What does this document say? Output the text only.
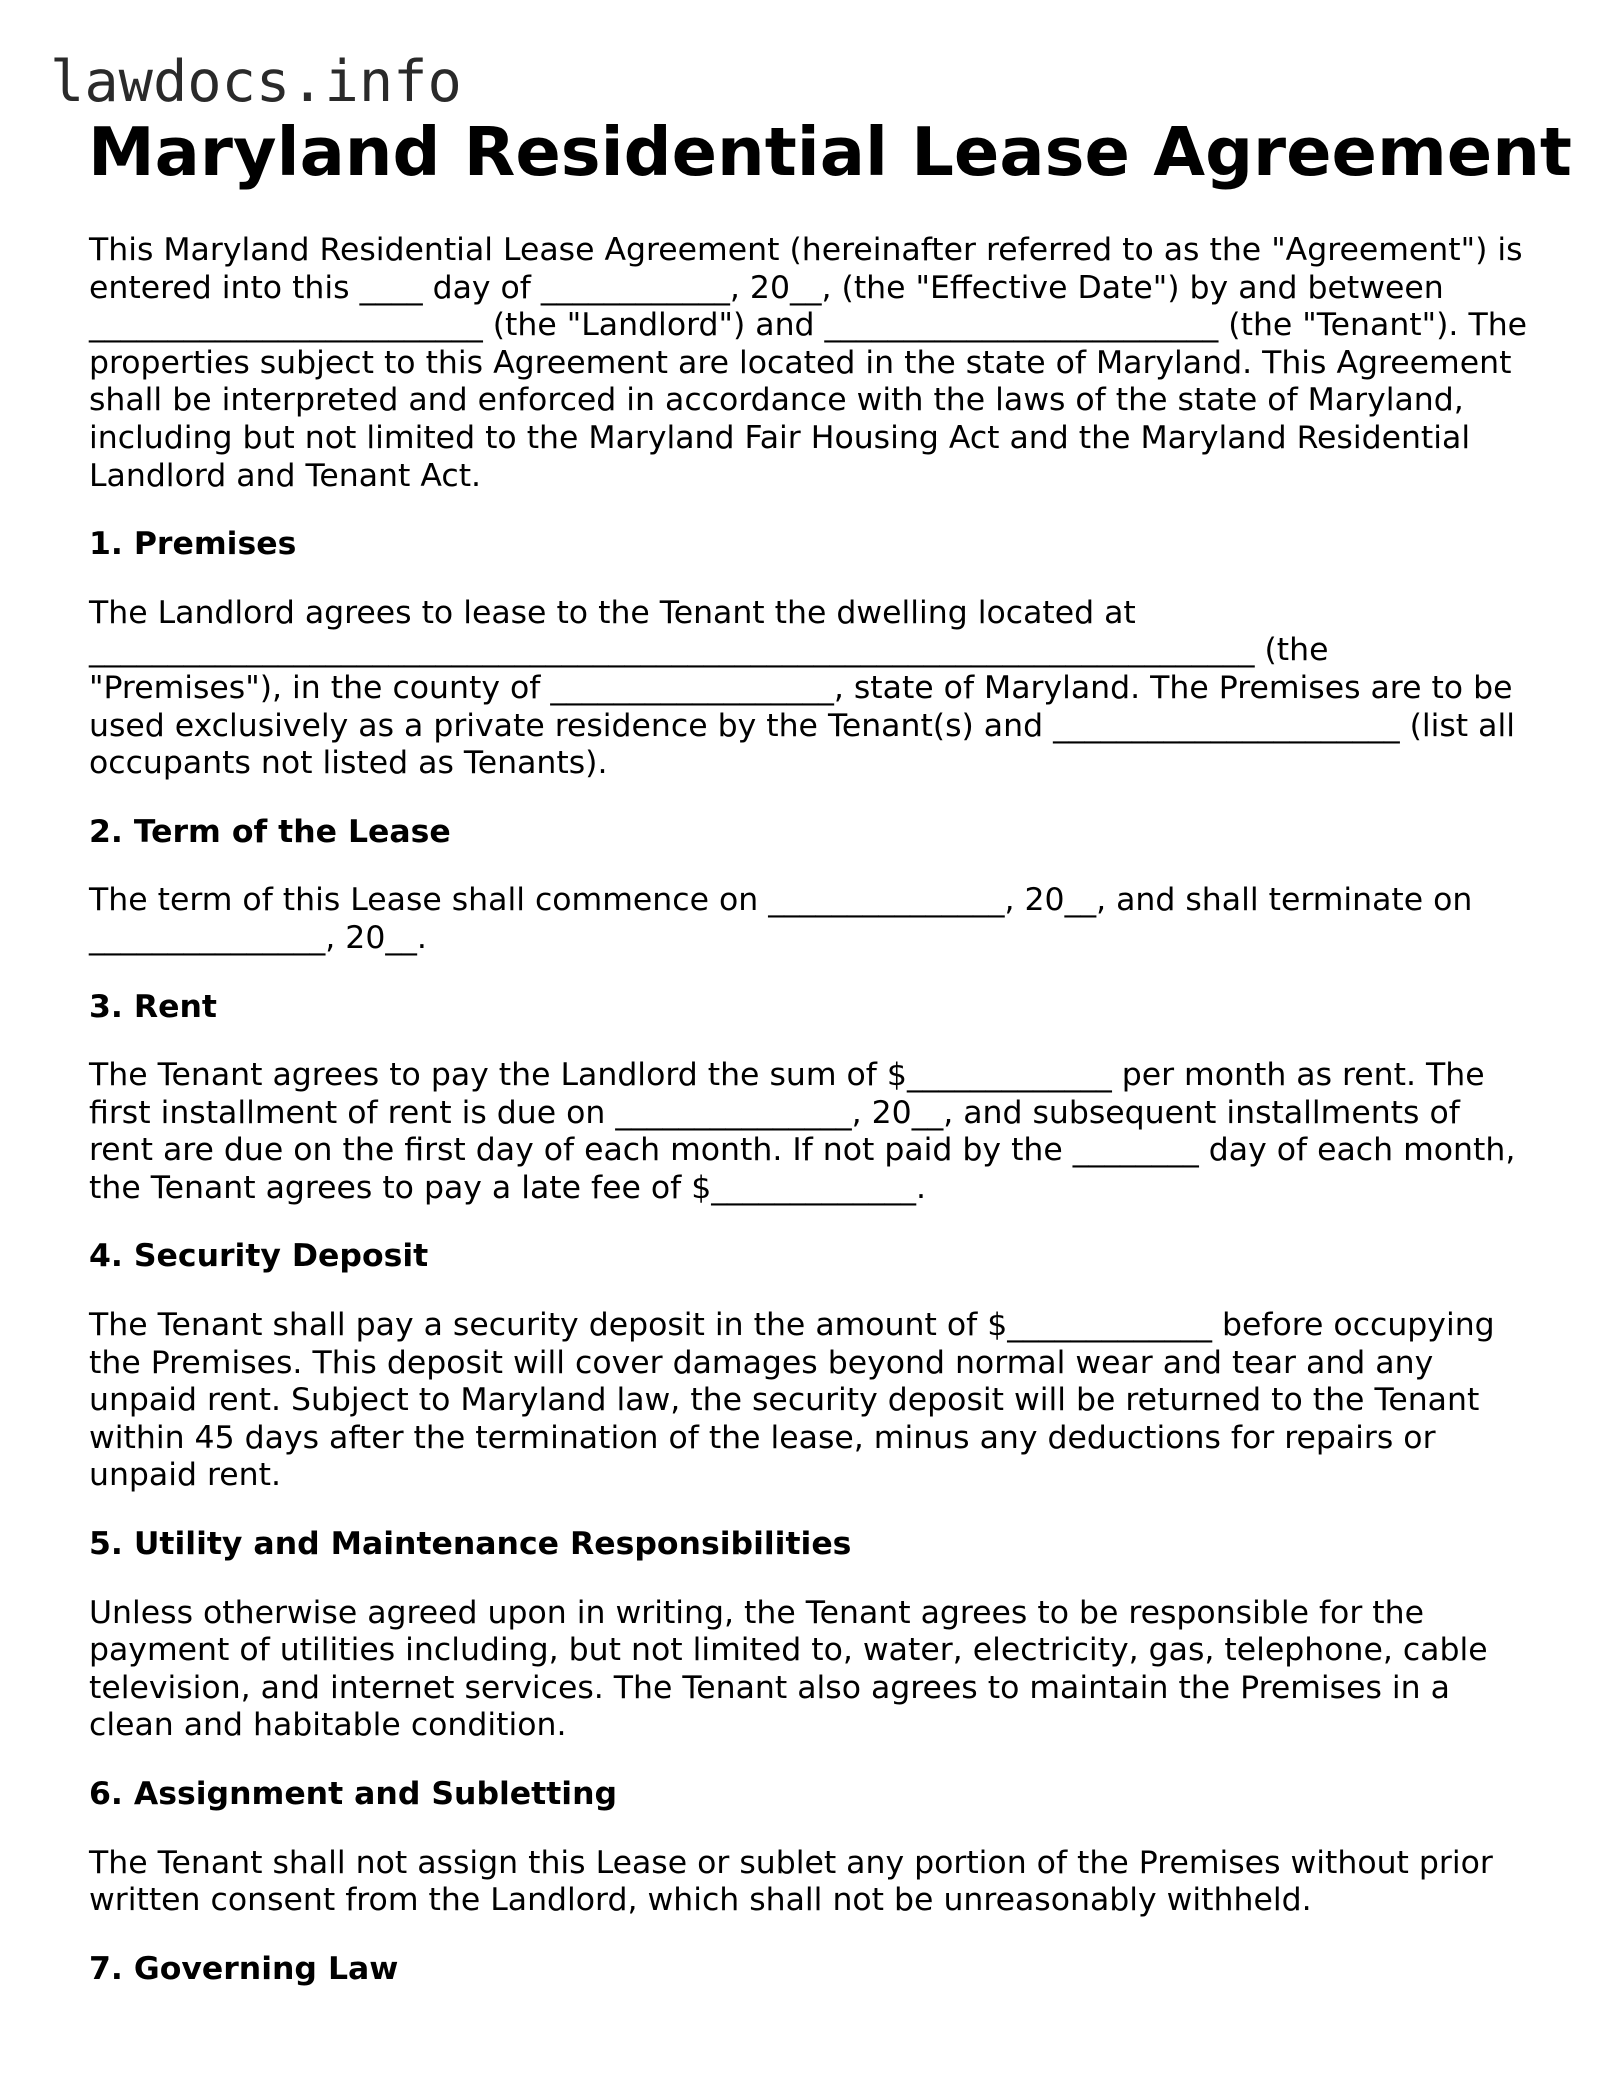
lawdocs.info
Maryland Residential Lease Agreement

This Maryland Residential Lease Agreement (hereinafter referred to as the "Agreement") is entered into this ____ day of ____________, 20__, (the "Effective Date") by and between _________________________ (the "Landlord") and _________________________ (the "Tenant"). The properties subject to this Agreement are located in the state of Maryland. This Agreement shall be interpreted and enforced in accordance with the laws of the state of Maryland, including but not limited to the Maryland Fair Housing Act and the Maryland Residential Landlord and Tenant Act.

1. Premises

The Landlord agrees to lease to the Tenant the dwelling located at __________________________________________________________________________ (the "Premises"), in the county of __________________, state of Maryland. The Premises are to be used exclusively as a private residence by the Tenant(s) and ______________________ (list all occupants not listed as Tenants).

2. Term of the Lease

The term of this Lease shall commence on _______________, 20__, and shall terminate on _______________, 20__.

3. Rent

The Tenant agrees to pay the Landlord the sum of $_____________ per month as rent. The first installment of rent is due on _______________, 20__, and subsequent installments of rent are due on the first day of each month. If not paid by the ________ day of each month, the Tenant agrees to pay a late fee of $_____________.

4. Security Deposit

The Tenant shall pay a security deposit in the amount of $_____________ before occupying the Premises. This deposit will cover damages beyond normal wear and tear and any unpaid rent. Subject to Maryland law, the security deposit will be returned to the Tenant within 45 days after the termination of the lease, minus any deductions for repairs or unpaid rent.

5. Utility and Maintenance Responsibilities

Unless otherwise agreed upon in writing, the Tenant agrees to be responsible for the payment of utilities including, but not limited to, water, electricity, gas, telephone, cable television, and internet services. The Tenant also agrees to maintain the Premises in a clean and habitable condition.

6. Assignment and Subletting

The Tenant shall not assign this Lease or sublet any portion of the Premises without prior written consent from the Landlord, which shall not be unreasonably withheld.

7. Governing Law
